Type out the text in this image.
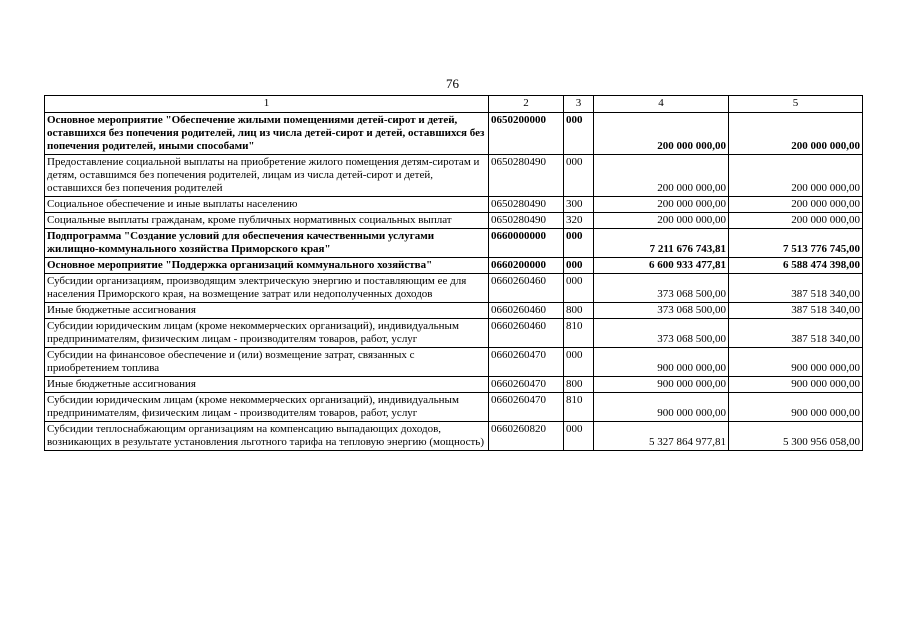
76
1	2	3	4	5
Основное мероприятие "Обеспечение жилыми помещениями детей-сирот и детей, оставшихся без попечения родителей, лиц из числа детей-сирот и детей, оставшихся без попечения родителей, иными способами"	0650200000	000	200 000 000,00	200 000 000,00
Предоставление социальной выплаты на приобретение жилого помещения детям-сиротам и детям, оставшимся без попечения родителей, лицам из числа детей-сирот и детей, оставшихся без попечения родителей	0650280490	000	200 000 000,00	200 000 000,00
Социальное обеспечение и иные выплаты населению	0650280490	300	200 000 000,00	200 000 000,00
Социальные выплаты гражданам, кроме публичных нормативных социальных выплат	0650280490	320	200 000 000,00	200 000 000,00
Подпрограмма "Создание условий для обеспечения качественными услугами жилищно-коммунального хозяйства Приморского края"	0660000000	000	7 211 676 743,81	7 513 776 745,00
Основное мероприятие "Поддержка организаций коммунального хозяйства"	0660200000	000	6 600 933 477,81	6 588 474 398,00
Субсидии организациям, производящим электрическую энергию и поставляющим ее для населения Приморского края, на возмещение затрат или недополученных доходов	0660260460	000	373 068 500,00	387 518 340,00
Иные бюджетные ассигнования	0660260460	800	373 068 500,00	387 518 340,00
Субсидии юридическим лицам (кроме некоммерческих организаций), индивидуальным предпринимателям, физическим лицам - производителям товаров, работ, услуг	0660260460	810	373 068 500,00	387 518 340,00
Субсидии на финансовое обеспечение и (или) возмещение затрат, связанных с приобретением топлива	0660260470	000	900 000 000,00	900 000 000,00
Иные бюджетные ассигнования	0660260470	800	900 000 000,00	900 000 000,00
Субсидии юридическим лицам (кроме некоммерческих организаций), индивидуальным предпринимателям, физическим лицам - производителям товаров, работ, услуг	0660260470	810	900 000 000,00	900 000 000,00
Субсидии теплоснабжающим организациям на компенсацию выпадающих доходов, возникающих в результате установления льготного тарифа на тепловую энергию (мощность)	0660260820	000	5 327 864 977,81	5 300 956 058,00
